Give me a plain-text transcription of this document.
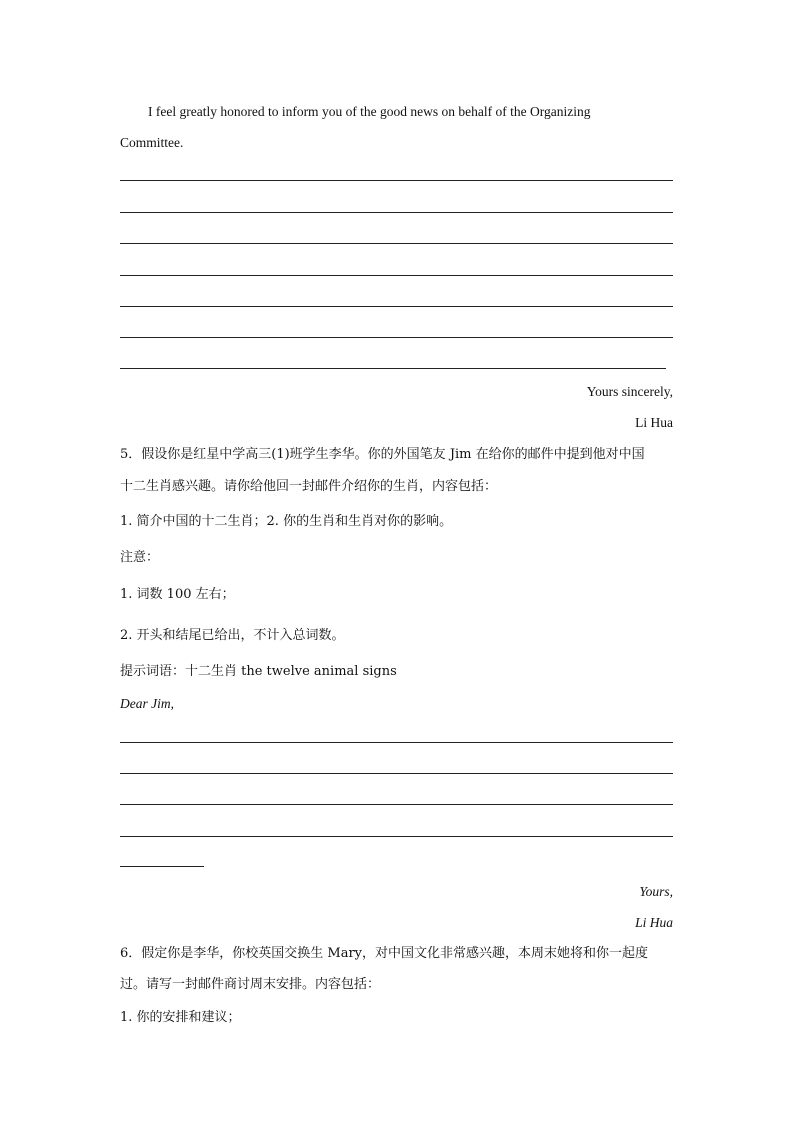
I feel greatly honored to inform you of the good news on behalf of the Organizing
Committee.
Yours sincerely,
Li Hua
5．假设你是红星中学高三(1)班学生李华。你的外国笔友 Jim 在给你的邮件中提到他对中国
十二生肖感兴趣。请你给他回一封邮件介绍你的生肖，内容包括：
1. 简介中国的十二生肖；2. 你的生肖和生肖对你的影响。
注意：
1. 词数 100 左右；
2. 开头和结尾已给出，不计入总词数。
提示词语：十二生肖 the twelve animal signs
Dear Jim,
Yours,
Li Hua
6．假定你是李华，你校英国交换生 Mary，对中国文化非常感兴趣，本周末她将和你一起度
过。请写一封邮件商讨周末安排。内容包括：
1. 你的安排和建议；
